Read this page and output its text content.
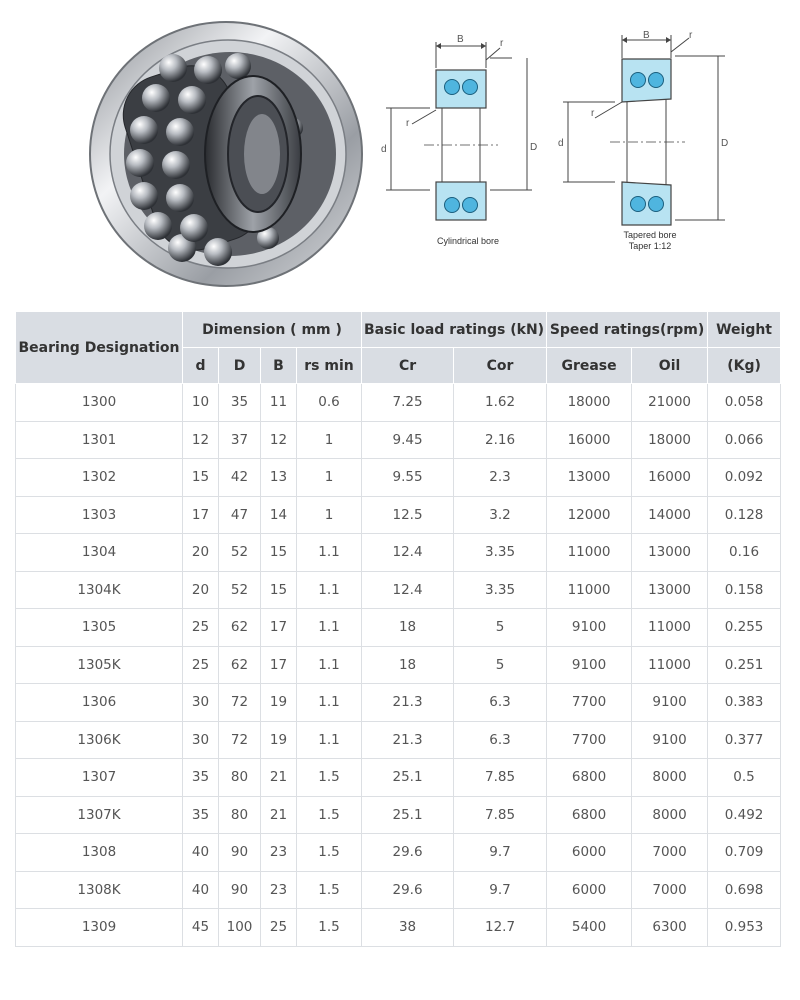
B	r
r
d	D
Cylindrical bore
B	r
r
d	D
Tapered bore
Taper 1:12
Bearing Designation	Dimension ( mm )				Basic load ratings (kN)		Speed ratings(rpm)		Weight
	d	D	B	rs min	Cr	Cor	Grease	Oil	(Kg)
1300	10	35	11	0.6	7.25	1.62	18000	21000	0.058
1301	12	37	12	1	9.45	2.16	16000	18000	0.066
1302	15	42	13	1	9.55	2.3	13000	16000	0.092
1303	17	47	14	1	12.5	3.2	12000	14000	0.128
1304	20	52	15	1.1	12.4	3.35	11000	13000	0.16
1304K	20	52	15	1.1	12.4	3.35	11000	13000	0.158
1305	25	62	17	1.1	18	5	9100	11000	0.255
1305K	25	62	17	1.1	18	5	9100	11000	0.251
1306	30	72	19	1.1	21.3	6.3	7700	9100	0.383
1306K	30	72	19	1.1	21.3	6.3	7700	9100	0.377
1307	35	80	21	1.5	25.1	7.85	6800	8000	0.5
1307K	35	80	21	1.5	25.1	7.85	6800	8000	0.492
1308	40	90	23	1.5	29.6	9.7	6000	7000	0.709
1308K	40	90	23	1.5	29.6	9.7	6000	7000	0.698
1309	45	100	25	1.5	38	12.7	5400	6300	0.953
